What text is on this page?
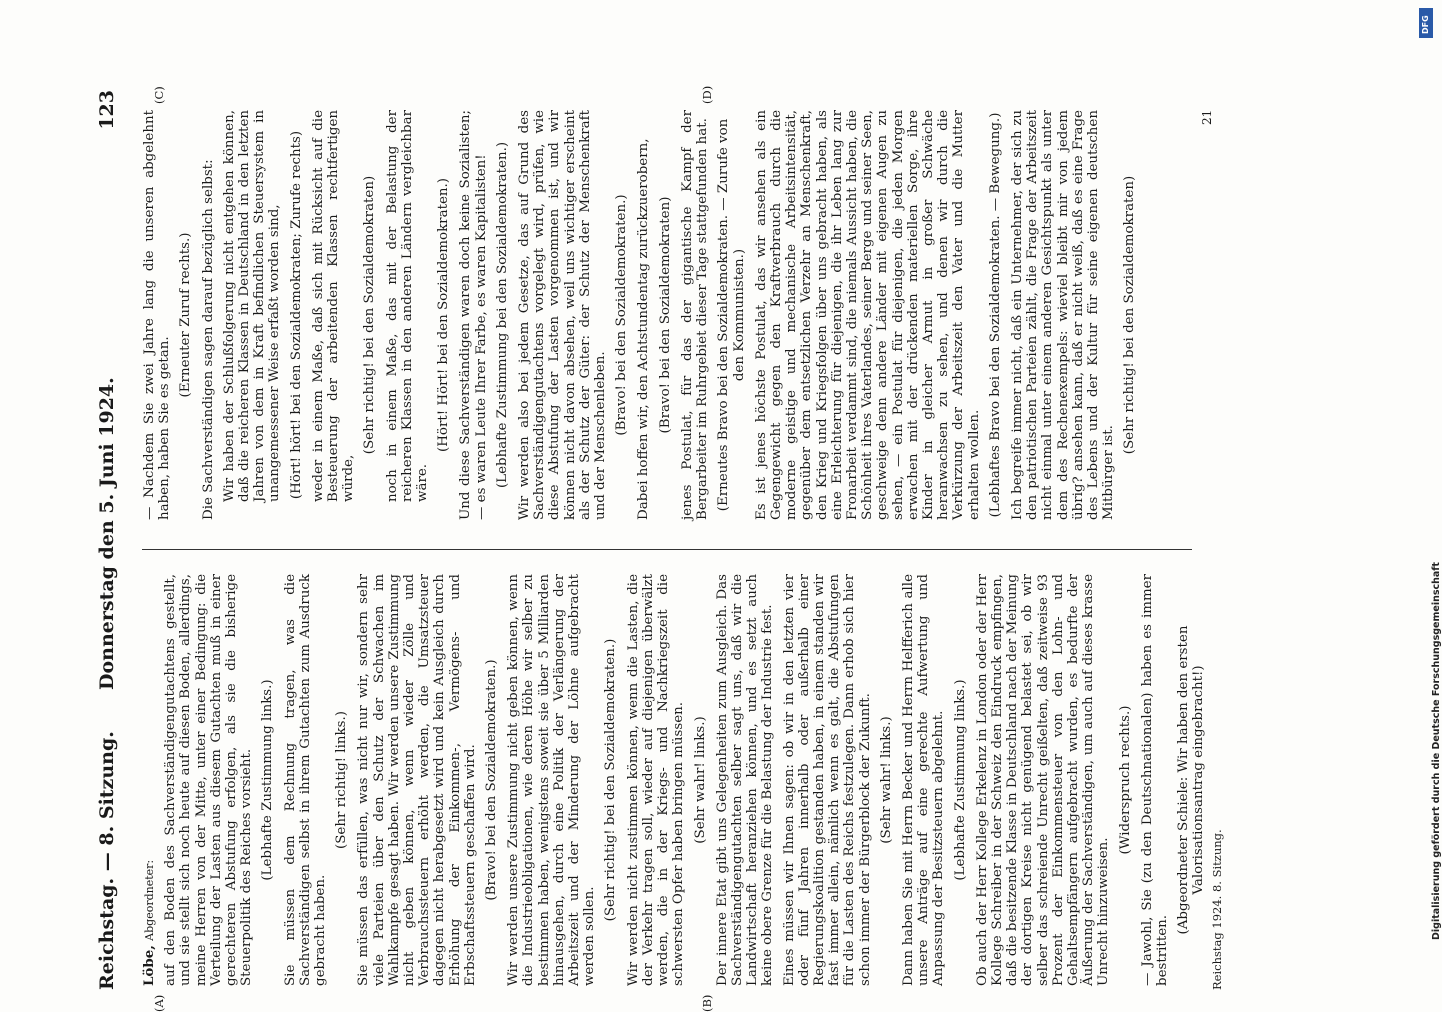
Reichstag. — 8. Sitzung.
Donnerstag den 5. Juni 1924.
123
(A)	(B)
(C)	(D)

Löbe, Abgeordneter: auf den Boden des Sachverständigengutachtens gestellt, und sie stellt sich noch heute auf diesen Boden, allerdings, meine Herren von der Mitte, unter einer Bedingung: die Verteilung der Lasten aus diesem Gutachten muß in einer gerechteren Abstufung erfolgen, als sie die bisherige Steuerpolitik des Reiches vorsieht. (Lebhafte Zustimmung links.) Sie müssen dem Rechnung tragen, was die Sachverständigen selbst in ihrem Gutachten zum Ausdruck gebracht haben.

(Sehr richtig! links.) Sie müssen das erfüllen, was nicht nur wir, sondern sehr viele Parteien über den Schutz der Schwachen im Wahlkampfe gesagt haben. Wir werden unsere Zustimmung nicht geben können, wenn wieder Zölle und Verbrauchssteuern erhöht werden, die Umsatzsteuer dagegen nicht herabgesetzt wird und kein Ausgleich durch Erhöhung der Einkommen-, Vermögens- und Erbschaftssteuern geschaffen wird. (Bravo! bei den Sozialdemokraten.) Wir werden unsere Zustimmung nicht geben können, wenn die Industrieobligationen, wie deren Höhe wir selber zu bestimmen haben, wenigstens soweit sie über 5 Milliarden hinausgehen, durch eine Politik der Verlängerung der Arbeitszeit und der Minderung der Löhne aufgebracht werden sollen.

(Sehr richtig! bei den Sozialdemokraten.) Wir werden nicht zustimmen können, wenn die Lasten, die der Verkehr tragen soll, wieder auf diejenigen überwälzt werden, die in der Kriegs- und Nachkriegszeit die schwersten Opfer haben bringen müssen. (Sehr wahr! links.) Der innere Etat gibt uns Gelegenheiten zum Ausgleich. Das Sachverständigengutachten selber sagt uns, daß wir die Landwirtschaft heranziehen können, und es setzt auch keine obere Grenze für die Belastung der Industrie fest. Eines müssen wir Ihnen sagen: ob wir in den letzten vier oder fünf Jahren innerhalb oder außerhalb einer Regierungskoalition gestanden haben, in einem standen wir fast immer allein, nämlich wenn es galt, die Abstufungen für die Lasten des Reichs festzulegen. Dann erhob sich hier schon immer der Bürgerblock der Zukunft. (Sehr wahr! links.) Dann haben Sie mit Herrn Becker und Herrn Helfferich alle unsere Anträge auf eine gerechte Aufwertung und Anpassung der Besitzsteuern abgelehnt. (Lebhafte Zustimmung links.) Ob auch der Herr Kollege Erkelenz in London oder der Herr Kollege Schreiber in der Schweiz den Eindruck empfingen, daß die besitzende Klasse in Deutschland nach der Meinung der dortigen Kreise nicht genügend belastet sei, ob wir selber das schreiende Unrecht geißelten, daß zeitweise 93 Prozent der Einkommensteuer von den Lohn- und Gehaltsempfängern aufgebracht wurden, es bedurfte der Äußerung der Sachverständigen, um auch auf dieses krasse Unrecht hinzuweisen.

(Widerspruch rechts.) — Jawohl, Sie (zu den Deutschnationalen) haben es immer bestritten.

(Abgeordneter Schiele: Wir haben den ersten Valorisationsantrag eingebracht!)

— Nachdem Sie zwei Jahre lang die unseren abgelehnt haben, haben Sie es getan.

(Erneuter Zuruf rechts.) Die Sachverständigen sagen darauf bezüglich selbst: Wir haben der Schlußfolgerung nicht entgehen können, daß die reicheren Klassen in Deutschland in den letzten Jahren von dem in Kraft befindlichen Steuersystem in unangemessener Weise erfaßt worden sind, (Hört! hört! bei den Sozialdemokraten; Zurufe rechts) weder in einem Maße, daß sich mit Rücksicht auf die Besteuerung der arbeitenden Klassen rechtfertigen würde,

(Sehr richtig! bei den Sozialdemokraten) noch in einem Maße, das mit der Belastung der reicheren Klassen in den anderen Ländern vergleichbar wäre.

(Hört! Hört! bei den Sozialdemokraten.) Und diese Sachverständigen waren doch keine Sozialisten; — es waren Leute Ihrer Farbe, es waren Kapitalisten! (Lebhafte Zustimmung bei den Sozialdemokraten.) Wir werden also bei jedem Gesetze, das auf Grund des Sachverständigengutachtens vorgelegt wird, prüfen, wie diese Abstufung der Lasten vorgenommen ist, und wir können nicht davon absehen, weil uns wichtiger erscheint als der Schutz der Güter: der Schutz der Menschenkraft und der Menschenleben.

(Bravo! bei den Sozialdemokraten.) Dabei hoffen wir, den Achtstundentag zurückzuerobern, (Bravo! bei den Sozialdemokraten) jenes Postulat, für das der gigantische Kampf der Bergarbeiter im Ruhrgebiet dieser Tage stattgefunden hat. (Erneutes Bravo bei den Sozialdemokraten. — Zurufe von den Kommunisten.) Es ist jenes höchste Postulat, das wir ansehen als ein Gegengewicht gegen den Kraftverbrauch durch die moderne geistige und mechanische Arbeitsintensität, gegenüber dem entsetzlichen Verzehr an Menschenkraft, den Krieg und Kriegsfolgen über uns gebracht haben, als eine Erleichterung für diejenigen, die ihr Leben lang zur Fronarbeit verdammt sind, die niemals Aussicht haben, die Schönheit ihres Vaterlandes, seiner Berge und seiner Seen, geschweige denn andere Länder mit eigenen Augen zu sehen, — ein Postulat für diejenigen, die jeden Morgen erwachen mit der drückenden materiellen Sorge, ihre Kinder in gleicher Armut in großer Schwäche heranwachsen zu sehen, und denen wir durch die Verkürzung der Arbeitszeit den Vater und die Mutter erhalten wollen. (Lebhaftes Bravo bei den Sozialdemokraten. — Bewegung.) Ich begreife immer nicht, daß ein Unternehmer, der sich zu den patriotischen Parteien zählt, die Frage der Arbeitszeit nicht einmal unter einem anderen Gesichtspunkt als unter dem des Rechenexempels: wieviel bleibt mir von jedem übrig? ansehen kann, daß er nicht weiß, daß es eine Frage des Lebens und der Kultur für seine eigenen deutschen Mitbürger ist.

(Sehr richtig! bei den Sozialdemokraten)

Reichstag 1924. 8. Sitzung.
21
DFG
Digitalisierung gefördert durch die Deutsche Forschungsgemeinschaft
